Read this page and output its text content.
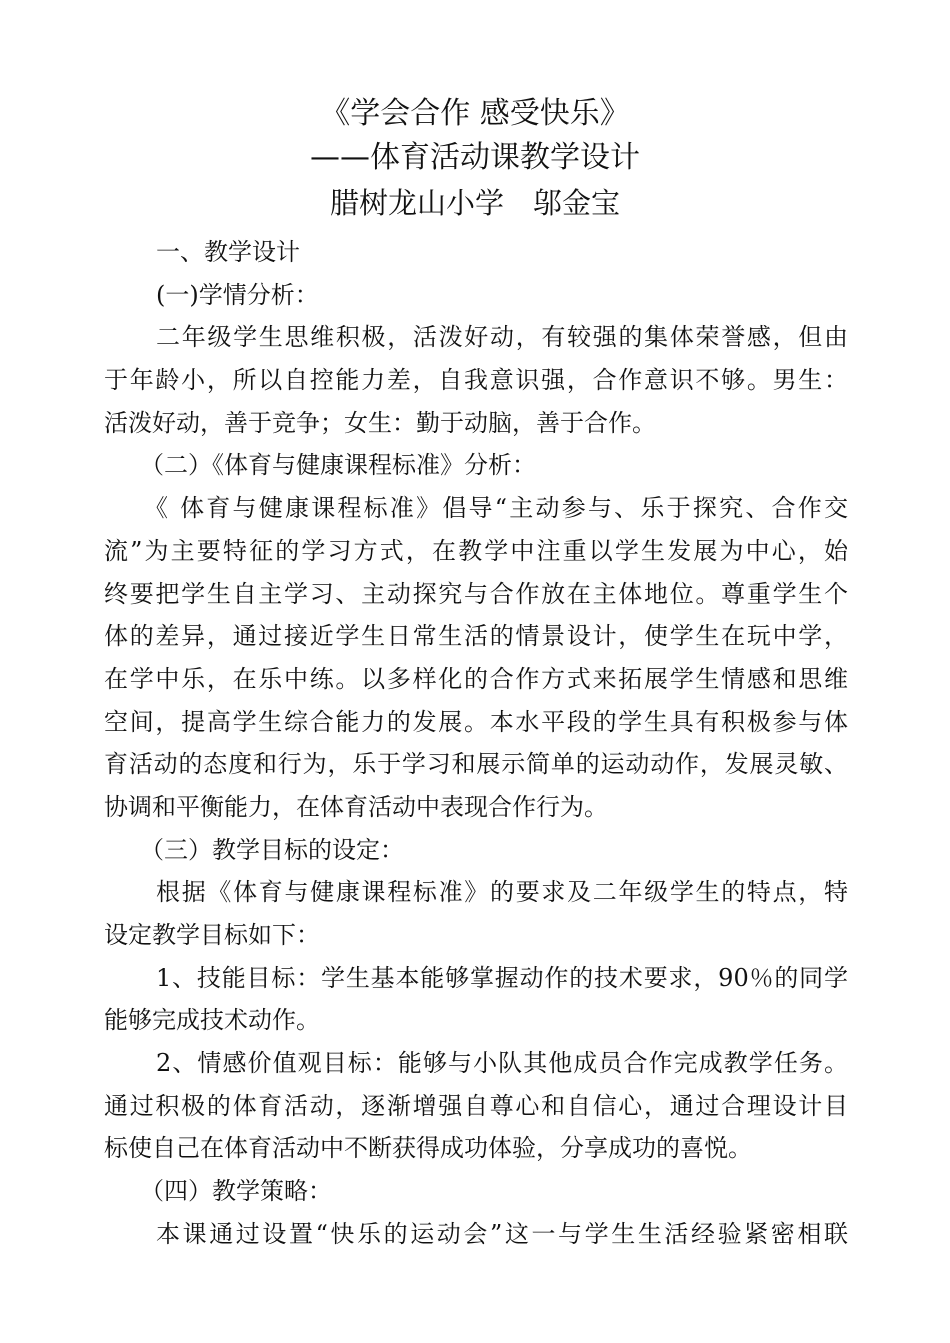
《学会合作 感受快乐》
——体育活动课教学设计
腊树龙山小学　邬金宝
一、教学设计
(一)学情分析：
二年级学生思维积极，活泼好动，有较强的集体荣誉感，但由
于年龄小，所以自控能力差，自我意识强，合作意识不够。男生：
活泼好动，善于竞争；女生：勤于动脑，善于合作。
（二）《体育与健康课程标准》分析：
《 体育与健康课程标准》倡导“主动参与、乐于探究、合作交
流”为主要特征的学习方式，在教学中注重以学生发展为中心，始
终要把学生自主学习、主动探究与合作放在主体地位。尊重学生个
体的差异，通过接近学生日常生活的情景设计，使学生在玩中学，
在学中乐，在乐中练。以多样化的合作方式来拓展学生情感和思维
空间，提高学生综合能力的发展。本水平段的学生具有积极参与体
育活动的态度和行为，乐于学习和展示简单的运动动作，发展灵敏、
协调和平衡能力，在体育活动中表现合作行为。
（三）教学目标的设定：
根据《体育与健康课程标准》的要求及二年级学生的特点，特
设定教学目标如下：
1、技能目标：学生基本能够掌握动作的技术要求，90％的同学
能够完成技术动作。
2、情感价值观目标：能够与小队其他成员合作完成教学任务。
通过积极的体育活动，逐渐增强自尊心和自信心，通过合理设计目
标使自己在体育活动中不断获得成功体验，分享成功的喜悦。
（四）教学策略：
本课通过设置“快乐的运动会”这一与学生生活经验紧密相联
